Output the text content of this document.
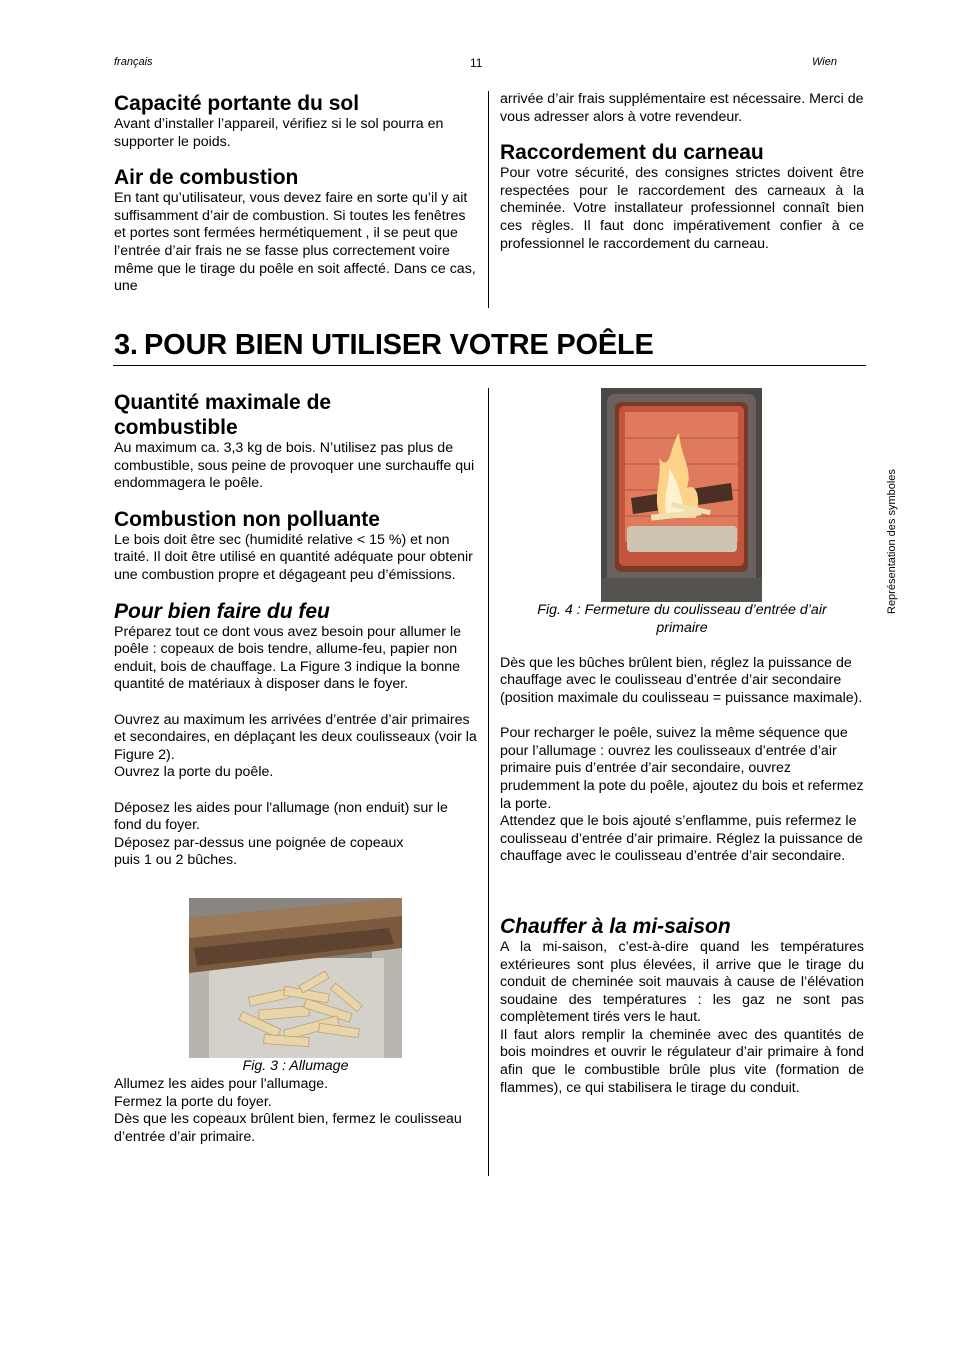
français	11	Wien
Représentation des symboles
Capacité portante du sol

Avant d’installer l’appareil, vérifiez si le sol pourra en supporter le poids.

Air de combustion

En tant qu’utilisateur, vous devez faire en sorte qu’il y ait suffisamment d’air de combustion. Si toutes les fenêtres et portes sont fermées hermétiquement , il se peut que l’entrée d’air frais ne se fasse plus correctement voire même que le tirage du poêle en soit affecté. Dans ce cas, une

arrivée d’air frais supplémentaire est nécessaire. Merci de vous adresser alors à votre revendeur.

Raccordement du carneau

Pour votre sécurité, des consignes strictes doivent être respectées pour le raccordement des carneaux à la cheminée. Votre installateur professionnel connaît bien ces règles. Il faut donc impérativement confier à ce professionnel le raccordement du carneau.

3. POUR BIEN UTILISER VOTRE POÊLE
Quantité maximale de
combustible

Au maximum ca. 3,3 kg de bois. N’utilisez pas plus de combustible, sous peine de provoquer une surchauffe qui endommagera le poêle.

Combustion non polluante

Le bois doit être sec (humidité relative < 15 %) et non traité. Il doit être utilisé en quantité adéquate pour obtenir une combustion propre et dégageant peu d’émissions.

Pour bien faire du feu

Préparez tout ce dont vous avez besoin pour allumer le poêle : copeaux de bois tendre, allume-feu, papier non enduit, bois de chauffage. La Figure 3 indique la bonne quantité de matériaux à disposer dans le foyer.

Ouvrez au maximum les arrivées d’entrée d’air primaires et secondaires, en déplaçant les deux coulisseaux (voir la Figure 2).

Ouvrez la porte du poêle.

Déposez les aides pour l'allumage (non enduit) sur le fond du foyer.

Déposez par-dessus une poignée de copeaux

puis 1 ou 2 bûches.

Fig. 3 : Allumage

Allumez les aides pour l'allumage.

Fermez la porte du foyer.

Dès que les copeaux brûlent bien, fermez le coulisseau d’entrée d’air primaire.

Fig. 4 : Fermeture du coulisseau d’entrée d’air

primaire

Dès que les bûches brûlent bien, réglez la puissance de chauffage avec le coulisseau d’entrée d’air secondaire (position maximale du coulisseau = puissance maximale).

Pour recharger le poêle, suivez la même séquence que pour l’allumage : ouvrez les coulisseaux d’entrée d’air primaire puis d’entrée d’air secondaire, ouvrez prudemment la pote du poêle, ajoutez du bois et refermez la porte.

Attendez que le bois ajouté s’enflamme, puis refermez le coulisseau d’entrée d’air primaire. Réglez la puissance de chauffage avec le coulisseau d’entrée d’air secondaire.

Chauffer à la mi-saison

A la mi-saison, c’est-à-dire quand les températures extérieures sont plus élevées, il arrive que le tirage du conduit de cheminée soit mauvais à cause de l’élévation soudaine des températures : les gaz ne sont pas complètement tirés vers le haut.

Il faut alors remplir la cheminée avec des quantités de bois moindres et ouvrir le régulateur d’air primaire à fond afin que le combustible brûle plus vite (formation de flammes), ce qui stabilisera le tirage du conduit.
